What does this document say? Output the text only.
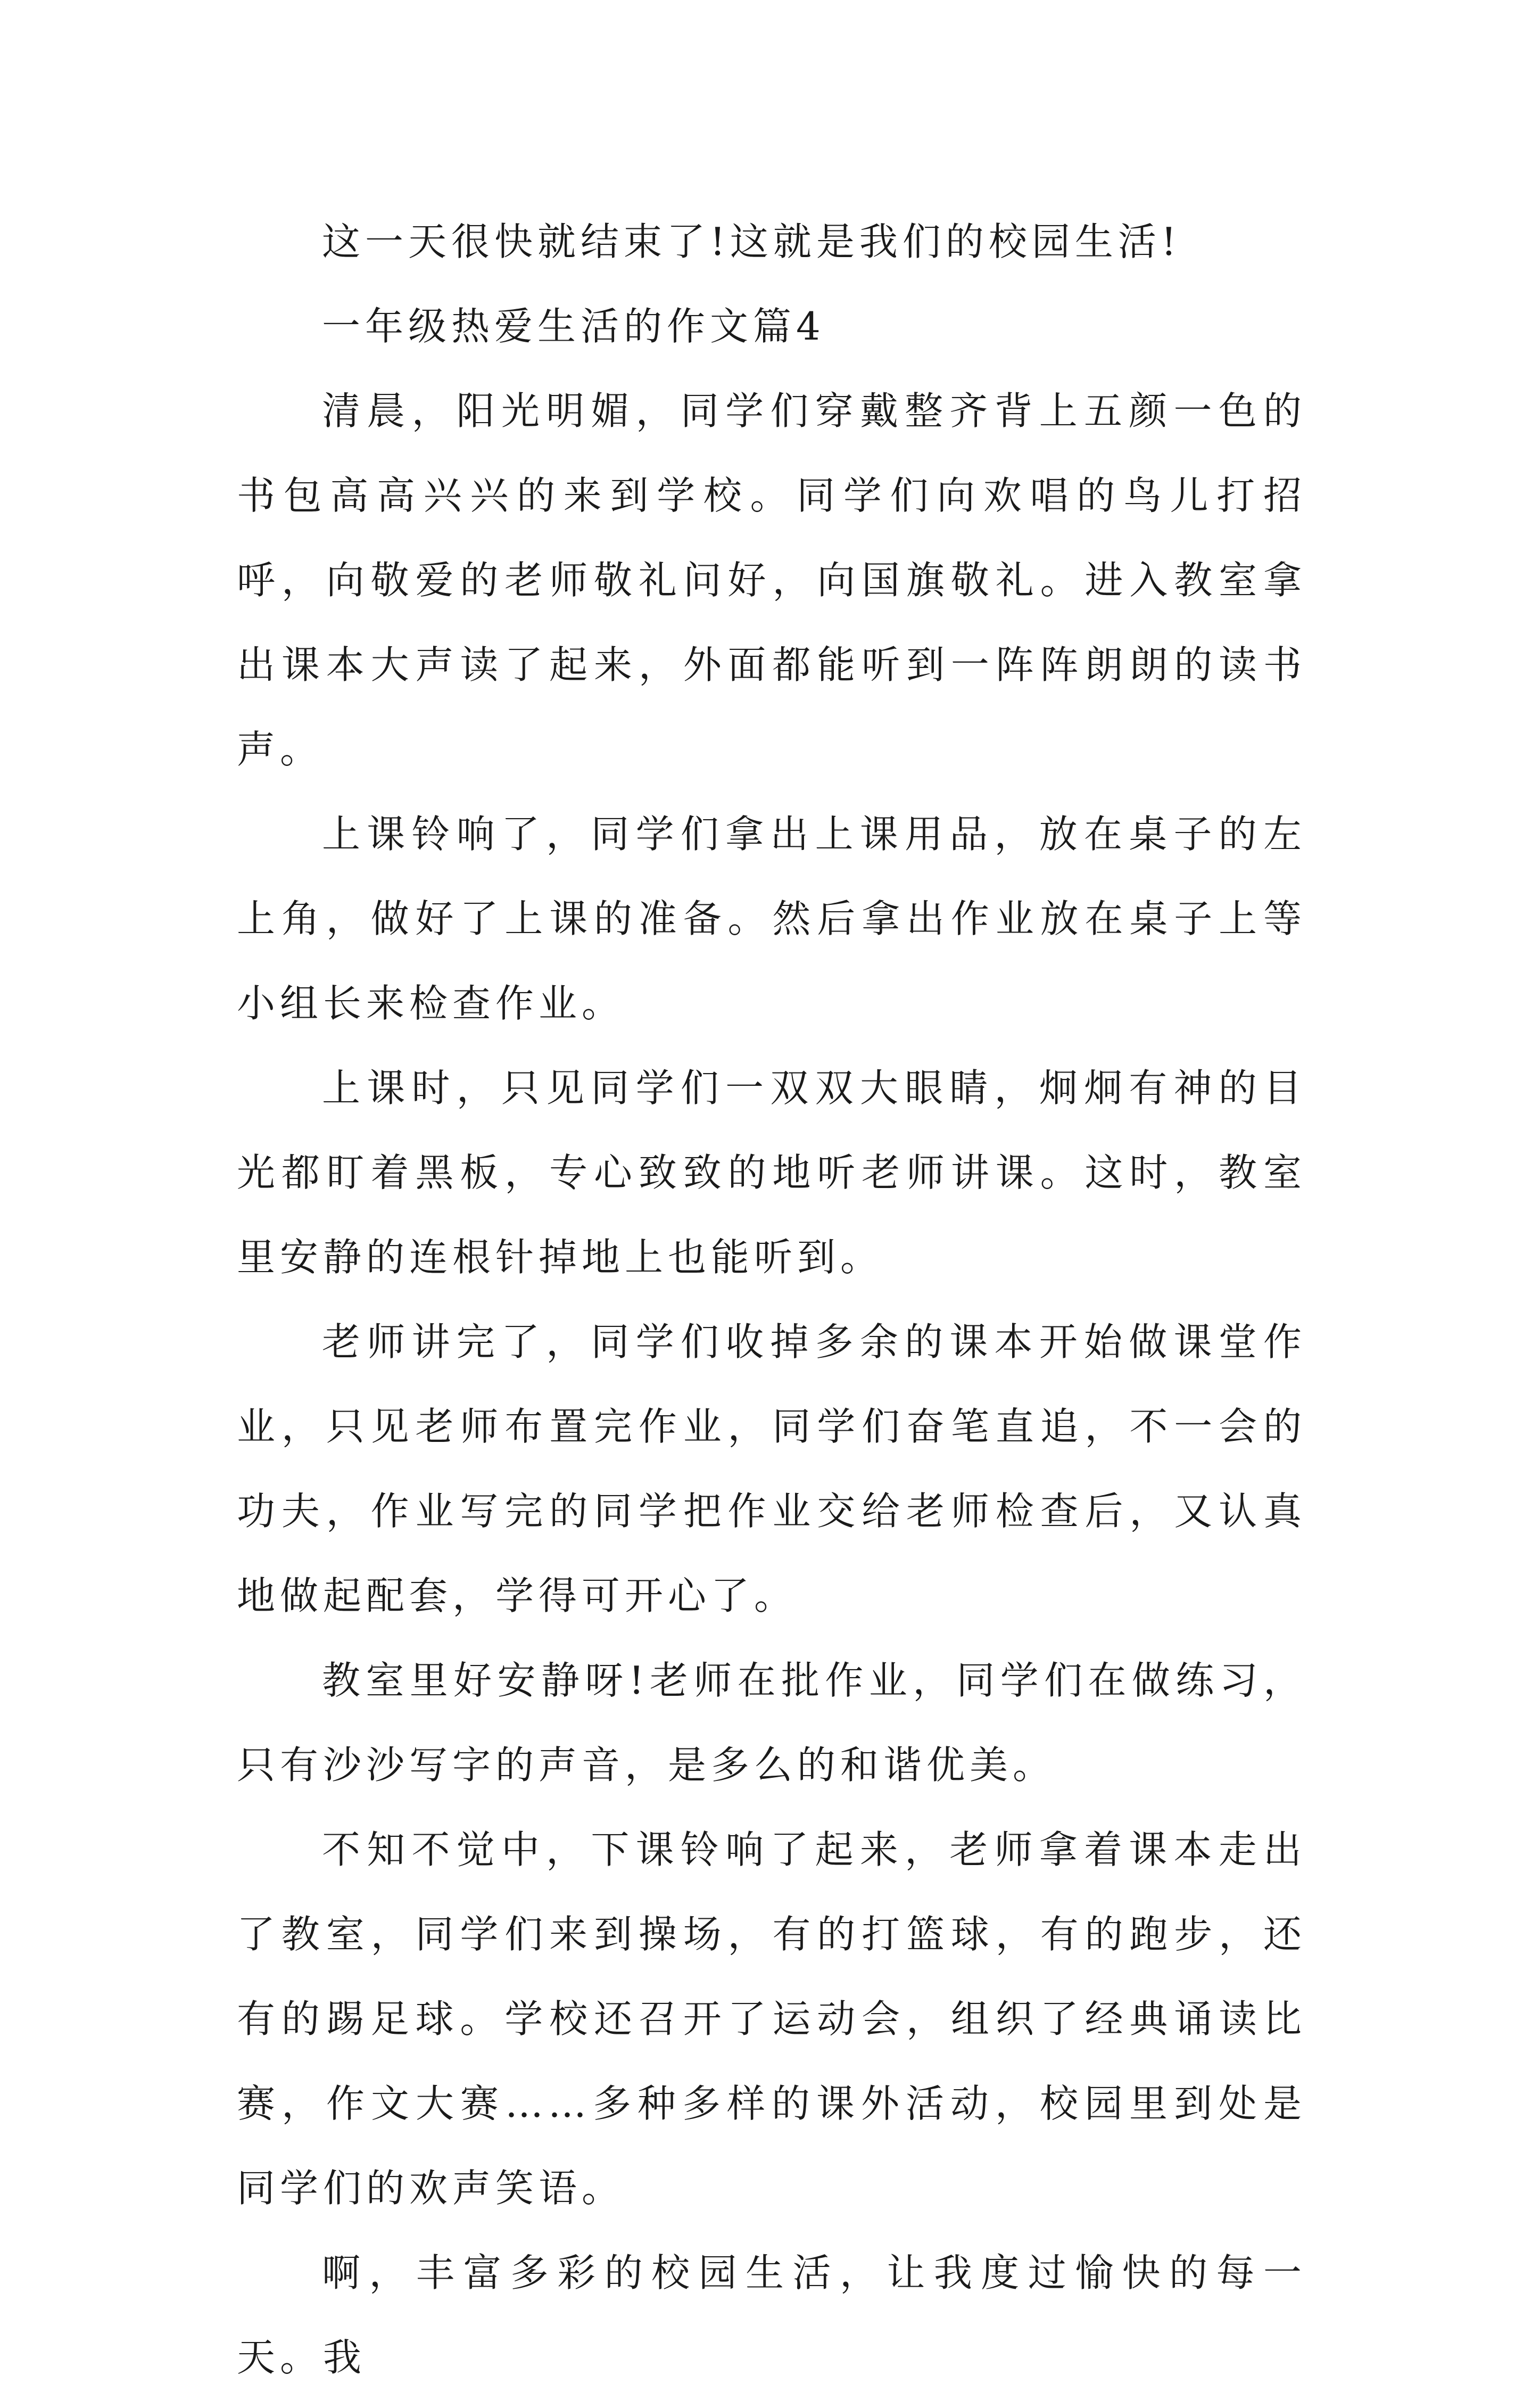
这一天很快就结束了!这就是我们的校园生活!

一年级热爱生活的作文篇4

清晨，阳光明媚，同学们穿戴整齐背上五颜一色的书包高高兴兴的来到学校。同学们向欢唱的鸟儿打招呼，向敬爱的老师敬礼问好，向国旗敬礼。进入教室拿出课本大声读了起来，外面都能听到一阵阵朗朗的读书声。

上课铃响了，同学们拿出上课用品，放在桌子的左上角，做好了上课的准备。然后拿出作业放在桌子上等小组长来检查作业。

上课时，只见同学们一双双大眼睛，炯炯有神的目光都盯着黑板，专心致致的地听老师讲课。这时，教室里安静的连根针掉地上也能听到。

老师讲完了，同学们收掉多余的课本开始做课堂作业，只见老师布置完作业，同学们奋笔直追，不一会的功夫，作业写完的同学把作业交给老师检查后，又认真地做起配套，学得可开心了。

教室里好安静呀!老师在批作业，同学们在做练习，只有沙沙写字的声音，是多么的和谐优美。

不知不觉中，下课铃响了起来，老师拿着课本走出了教室，同学们来到操场，有的打篮球，有的跑步，还有的踢足球。学校还召开了运动会，组织了经典诵读比赛，作文大赛……多种多样的课外活动，校园里到处是同学们的欢声笑语。

啊，丰富多彩的校园生活，让我度过愉快的每一天。我
